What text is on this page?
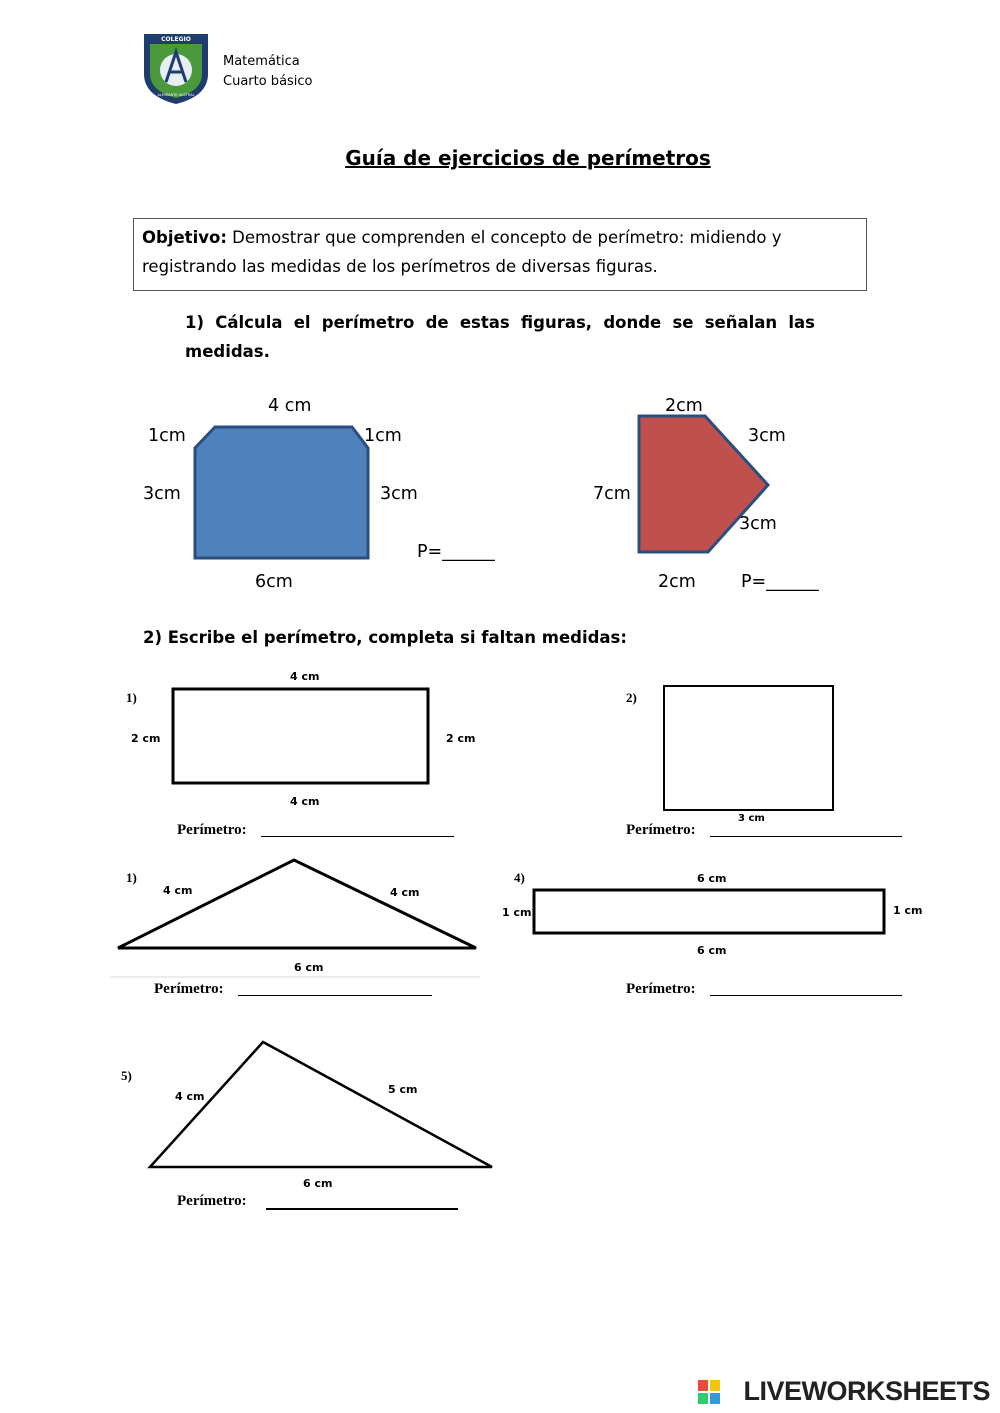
COLEGIO
ALMIRANTE AUSTRAL
Matemática
Cuarto básico
Guía de ejercicios de perímetros
Objetivo: Demostrar que comprenden el concepto de perímetro: midiendo y registrando las medidas de los perímetros de diversas figuras.
1) Cálcula el perímetro de estas figuras, donde se señalan las medidas.
4 cm
1cm	1cm
3cm	3cm
6cm
P=______
2cm
3cm
7cm
3cm
2cm	P=______
2) Escribe el perímetro, completa si faltan medidas:
1)
4 cm
2 cm	2 cm
4 cm
Perímetro:
2)
3 cm
Perímetro:
1)
4 cm	4 cm
6 cm
Perímetro:
4)	6 cm
1 cm	1 cm
6 cm
Perímetro:
5)
4 cm
5 cm
6 cm
Perímetro:
LIVEWORKSHEETS
